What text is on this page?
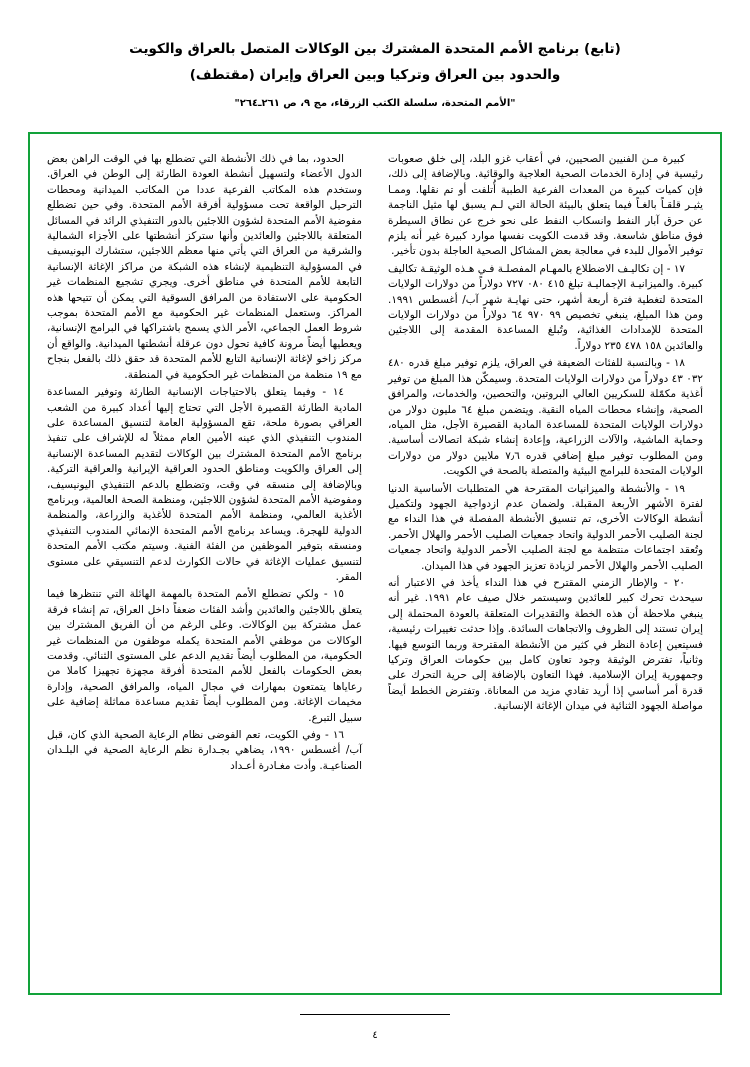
(تابع) برنامج الأمم المتحدة المشترك بين الوكالات المتصل بالعراق والكويت
والحدود بين العراق وتركيا وبين العراق وإيران (مقتطف)
"الأمم المتحدة، سلسلة الكتب الزرقاء، مج ٩، ص ٢٦١ـ٢٦٤"

كبيرة مـن الفنيين الصحيين، في أعقاب غزو البلد، إلى خلق صعوبات رئيسية في إدارة الخدمات الصحية العلاجية والوقائية. وبالإضافة إلى ذلك، فإن كميات كبيرة من المعدات الفرعية الطبية أُتلفت أو تم نقلها. وممـا يثيـر قلقـاً بالغـاً فيما يتعلق بالبيئة الحالة التي لـم يسبق لها مثيل الناجمة عن حرق آبار النفط وانسكاب النفط على نحو خرج عن نطاق السيطرة فوق مناطق شاسعة. وقد قدمت الكويت نفسها موارد كبيرة غير أنه يلزم توفير الأموال للبدء في معالجة بعض المشاكل الصحية العاجلة بدون تأخير.

١٧ - إن تكاليـف الاضطلاع بالمهـام المفصلـة فـي هـذه الوثيقـة تكاليف كبيرة. والميزانيـة الإجماليـة تبلغ ٤١٥ ٠٨٠ ٧٢٧ دولاراً من دولارات الولايات المتحدة لتغطية فترة أربعة أشهر، حتى نهايـة شهر آب/ أغسطس ١٩٩١. ومن هذا المبلغ، ينبغي تخصيص ٩٩ ٩٧٠ ٦٤ دولاراً من دولارات الولايات المتحدة للإمدادات الغذائية، وتُبلغ المساعدة المقدمة إلى اللاجئين والعائدين ١٥٨ ٤٧٨ ٢٣٥ دولاراً.

١٨ - وبالنسبة للفئات الضعيفة في العراق، يلزم توفير مبلغ قدره ٤٨٠ ٠٣٢ ٤٣ دولاراً من دولارات الولايات المتحدة. وسيمكّن هذا المبلغ من توفير أغذية مكمّلة للسكريين العالي البروتين، والتحصين، والخدمات، والمرافق الصحية، وإنشاء محطات المياه النقية. ويتضمن مبلغ ٦٤ مليون دولار من دولارات الولايات المتحدة للمساعدة المادية القصيرة الأجل، مثل المياه، وحماية الماشية، والآلات الزراعية، وإعادة إنشاء شبكة اتصالات أساسية. ومن المطلوب توفير مبلغ إضافي قدره ٧٫٦ ملايين دولار من دولارات الولايات المتحدة للبرامج البيئية والمتصلة بالصحة في الكويت.

١٩ - والأنشطة والميزانيات المقترحة هي المتطلبات الأساسية الدنيا لفترة الأشهر الأربعة المقبلة. ولضمان عدم ازدواجية الجهود ولتكميل أنشطة الوكالات الأخرى، تم تنسيق الأنشطة المفصلة في هذا النداء مع لجنة الصليب الأحمر الدولية واتحاد جمعيات الصليب الأحمر والهلال الأحمر. وتُعقد اجتماعات منتظمة مع لجنة الصليب الأحمر الدولية واتحاد جمعيات الصليب الأحمر والهلال الأحمر لزيادة تعزيز الجهود في هذا الميدان.

٢٠ - والإطار الزمني المقترح في هذا النداء يأخذ في الاعتبار أنه سيحدث تحرك كبير للعائدين وسيستمر خلال صيف عام ١٩٩١. غير أنه ينبغي ملاحظة أن هذه الخطة والتقديرات المتعلقة بالعودة المحتملة إلى إيران تستند إلى الظروف والاتجاهات السائدة. وإذا حدثت تغييرات رئيسية، فسيتعين إعادة النظر في كثير من الأنشطة المقترحة وربما التوسع فيها. وثانياً، تفترض الوثيقة وجود تعاون كامل بين حكومات العراق وتركيا وجمهورية إيران الإسلامية. فهذا التعاون بالإضافة إلى حرية التحرك على قدرة أمر أساسي إذا أريد تفادي مزيد من المعاناة. وتفترض الخطط أيضاً مواصلة الجهود الثنائية في ميدان الإغاثة الإنسانية.

الحدود، بما في ذلك الأنشطة التي تضطلع بها في الوقت الراهن بعض الدول الأعضاء ولتسهيل أنشطة العودة الطارئة إلى الوطن في العراق. وستخدم هذه المكاتب الفرعية عددا من المكاتب الميدانية ومحطات الترحيل الواقعة تحت مسؤولية أفرقة الأمم المتحدة. وفي حين تضطلع مفوضية الأمم المتحدة لشؤون اللاجئين بالدور التنفيذي الرائد في المسائل المتعلقة باللاجئين والعائدين وأنها ستركز أنشطتها على الأجزاء الشمالية والشرقية من العراق التي يأتي منها معظم اللاجئين، ستشارك اليونيسيف في المسؤولية التنظيمية لإنشاء هذه الشبكة من مراكز الإغاثة الإنسانية التابعة للأمم المتحدة في مناطق أخرى. ويجري تشجيع المنظمات غير الحكومية على الاستفادة من المرافق السوقية التي يمكن أن تتيحها هذه المراكز. وستعمل المنظمات غير الحكومية مع الأمم المتحدة بموجب شروط العمل الجماعي، الأمر الذي يسمح باشتراكها في البرامج الإنسانية، ويعطيها أيضاً مرونة كافية تحول دون عرقلة أنشطتها الميدانية. والواقع أن مركز زاخو لإغاثة الإنسانية التابع للأمم المتحدة قد حقق ذلك بالفعل بنجاح مع ١٩ منظمة من المنظمات غير الحكومية في المنطقة.

١٤ - وفيما يتعلق بالاحتياجات الإنسانية الطارئة وتوفير المساعدة المادية الطارئة القصيرة الأجل التي تحتاج إليها أعداد كبيرة من الشعب العراقي بصورة ملحة، تقع المسؤولية العامة لتنسيق المساعدة على المندوب التنفيذي الذي عينه الأمين العام ممثلاً له للإشراف على تنفيذ برنامج الأمم المتحدة المشترك بين الوكالات لتقديم المساعدة الإنسانية إلى العراق والكويت ومناطق الحدود العراقية الإيرانية والعراقية التركية. وبالإضافة إلى منسقه في وقت، وتضطلع بالدعم التنفيذي اليونيسيف، ومفوضية الأمم المتحدة لشؤون اللاجئين، ومنظمة الصحة العالمية، وبرنامج الأغذية العالمي، ومنظمة الأمم المتحدة للأغذية والزراعة، والمنظمة الدولية للهجرة. ويساعد برنامج الأمم المتحدة الإنمائي المندوب التنفيذي ومنسقه بتوفير الموظفين من الفئة الفنية. وسيتم مكتب الأمم المتحدة لتنسيق عمليات الإغاثة في حالات الكوارث لدعم التنسيقي على مستوى المقر.

١٥ - ولكي تضطلع الأمم المتحدة بالمهمة الهائلة التي تنتظرها فيما يتعلق باللاجئين والعائدين وأشد الفئات ضعفاً داخل العراق، تم إنشاء فرقة عمل مشتركة بين الوكالات. وعلى الرغم من أن الفريق المشترك بين الوكالات من موظفي الأمم المتحدة يكمله موظفون من المنظمات غير الحكومية، من المطلوب أيضاً تقديم الدعم على المستوى الثنائي. وقدمت بعض الحكومات بالفعل للأمم المتحدة أفرقة مجهزة تجهيزا كاملا من رعاياها يتمتعون بمهارات في مجال المياه، والمرافق الصحية، وإدارة مخيمات الإغاثة. ومن المطلوب أيضاً تقديم مساعدة مماثلة إضافية على سبيل التبرع.

١٦ - وفي الكويت، تعم الفوضى نظام الرعاية الصحية الذي كان، قبل آب/ أغسطس ١٩٩٠، يضاهي بجـدارة نظم الرعاية الصحية في البلـدان الصناعيـة. وأدت مغـادرة أعـداد

٤
